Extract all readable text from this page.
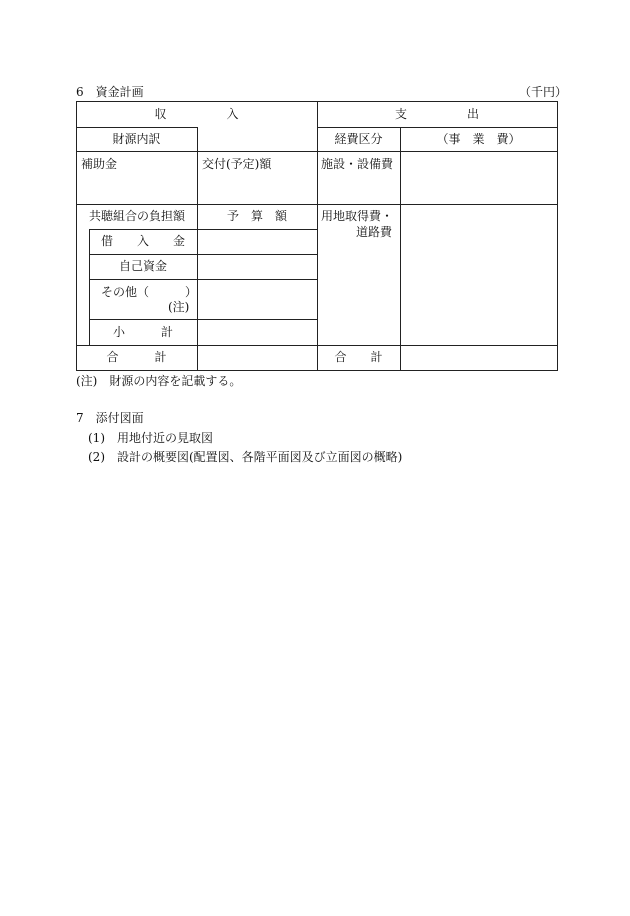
6　資金計画	（千円）
収　　　　　入	支　　　　　出
財源内訳	経費区分	（事　業　費）
補助金	交付(予定)額	施設・設備費
共聴組合の負担額	予　算　額	用地取得費・
道路費
借　　入　　金
自己資金
その他（　　　）
(注)
小　　　計
合　　　計	合　　計
(注)　財源の内容を記載する。
7　添付図面
(1)　用地付近の見取図
(2)　設計の概要図(配置図、各階平面図及び立面図の概略)
